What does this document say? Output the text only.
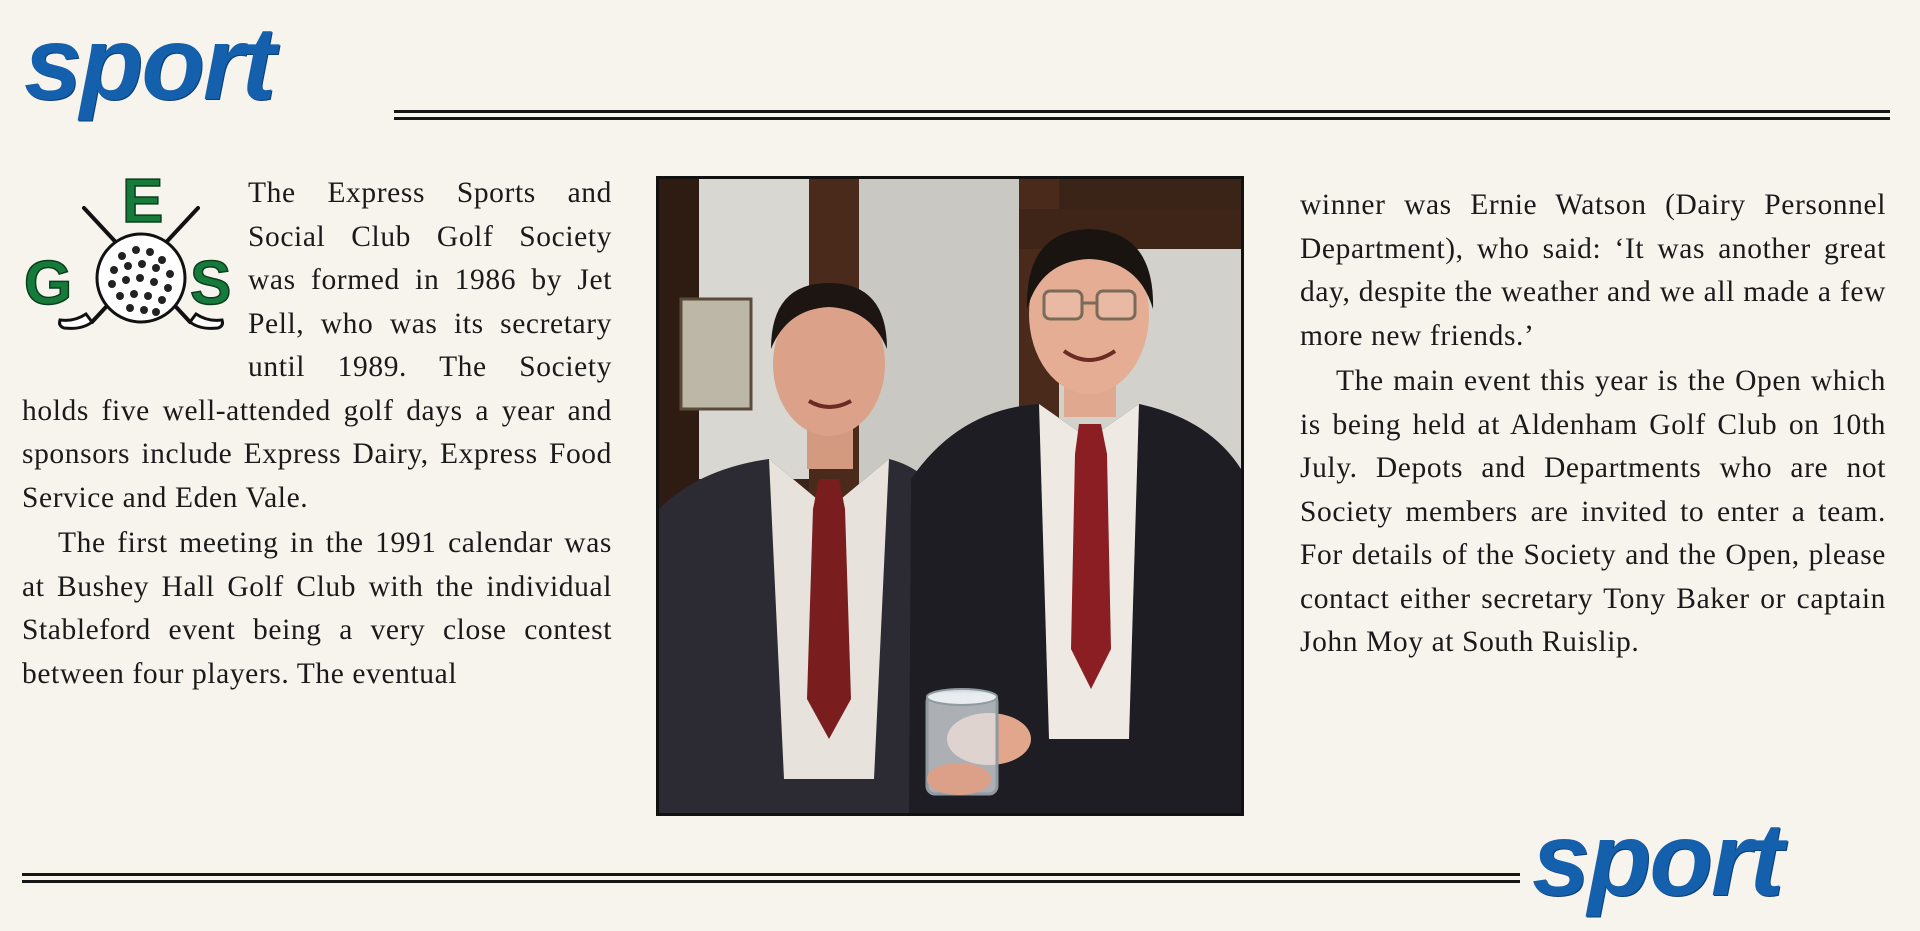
sport
E
G S

The Express Sports and Social Club Golf Society was formed in 1986 by Jet Pell, who was its secretary until 1989. The Society holds five well-attended golf days a year and sponsors include Express Dairy, Express Food Service and Eden Vale.

The first meeting in the 1991 calendar was at Bushey Hall Golf Club with the individual Stableford event being a very close contest between four players. The eventual

winner was Ernie Watson (Dairy Personnel Department), who said: ‘It was another great day, despite the weather and we all made a few more new friends.’

The main event this year is the Open which is being held at Aldenham Golf Club on 10th July. Depots and Departments who are not Society members are invited to enter a team. For details of the Society and the Open, please contact either secretary Tony Baker or captain John Moy at South Ruislip.

sport
